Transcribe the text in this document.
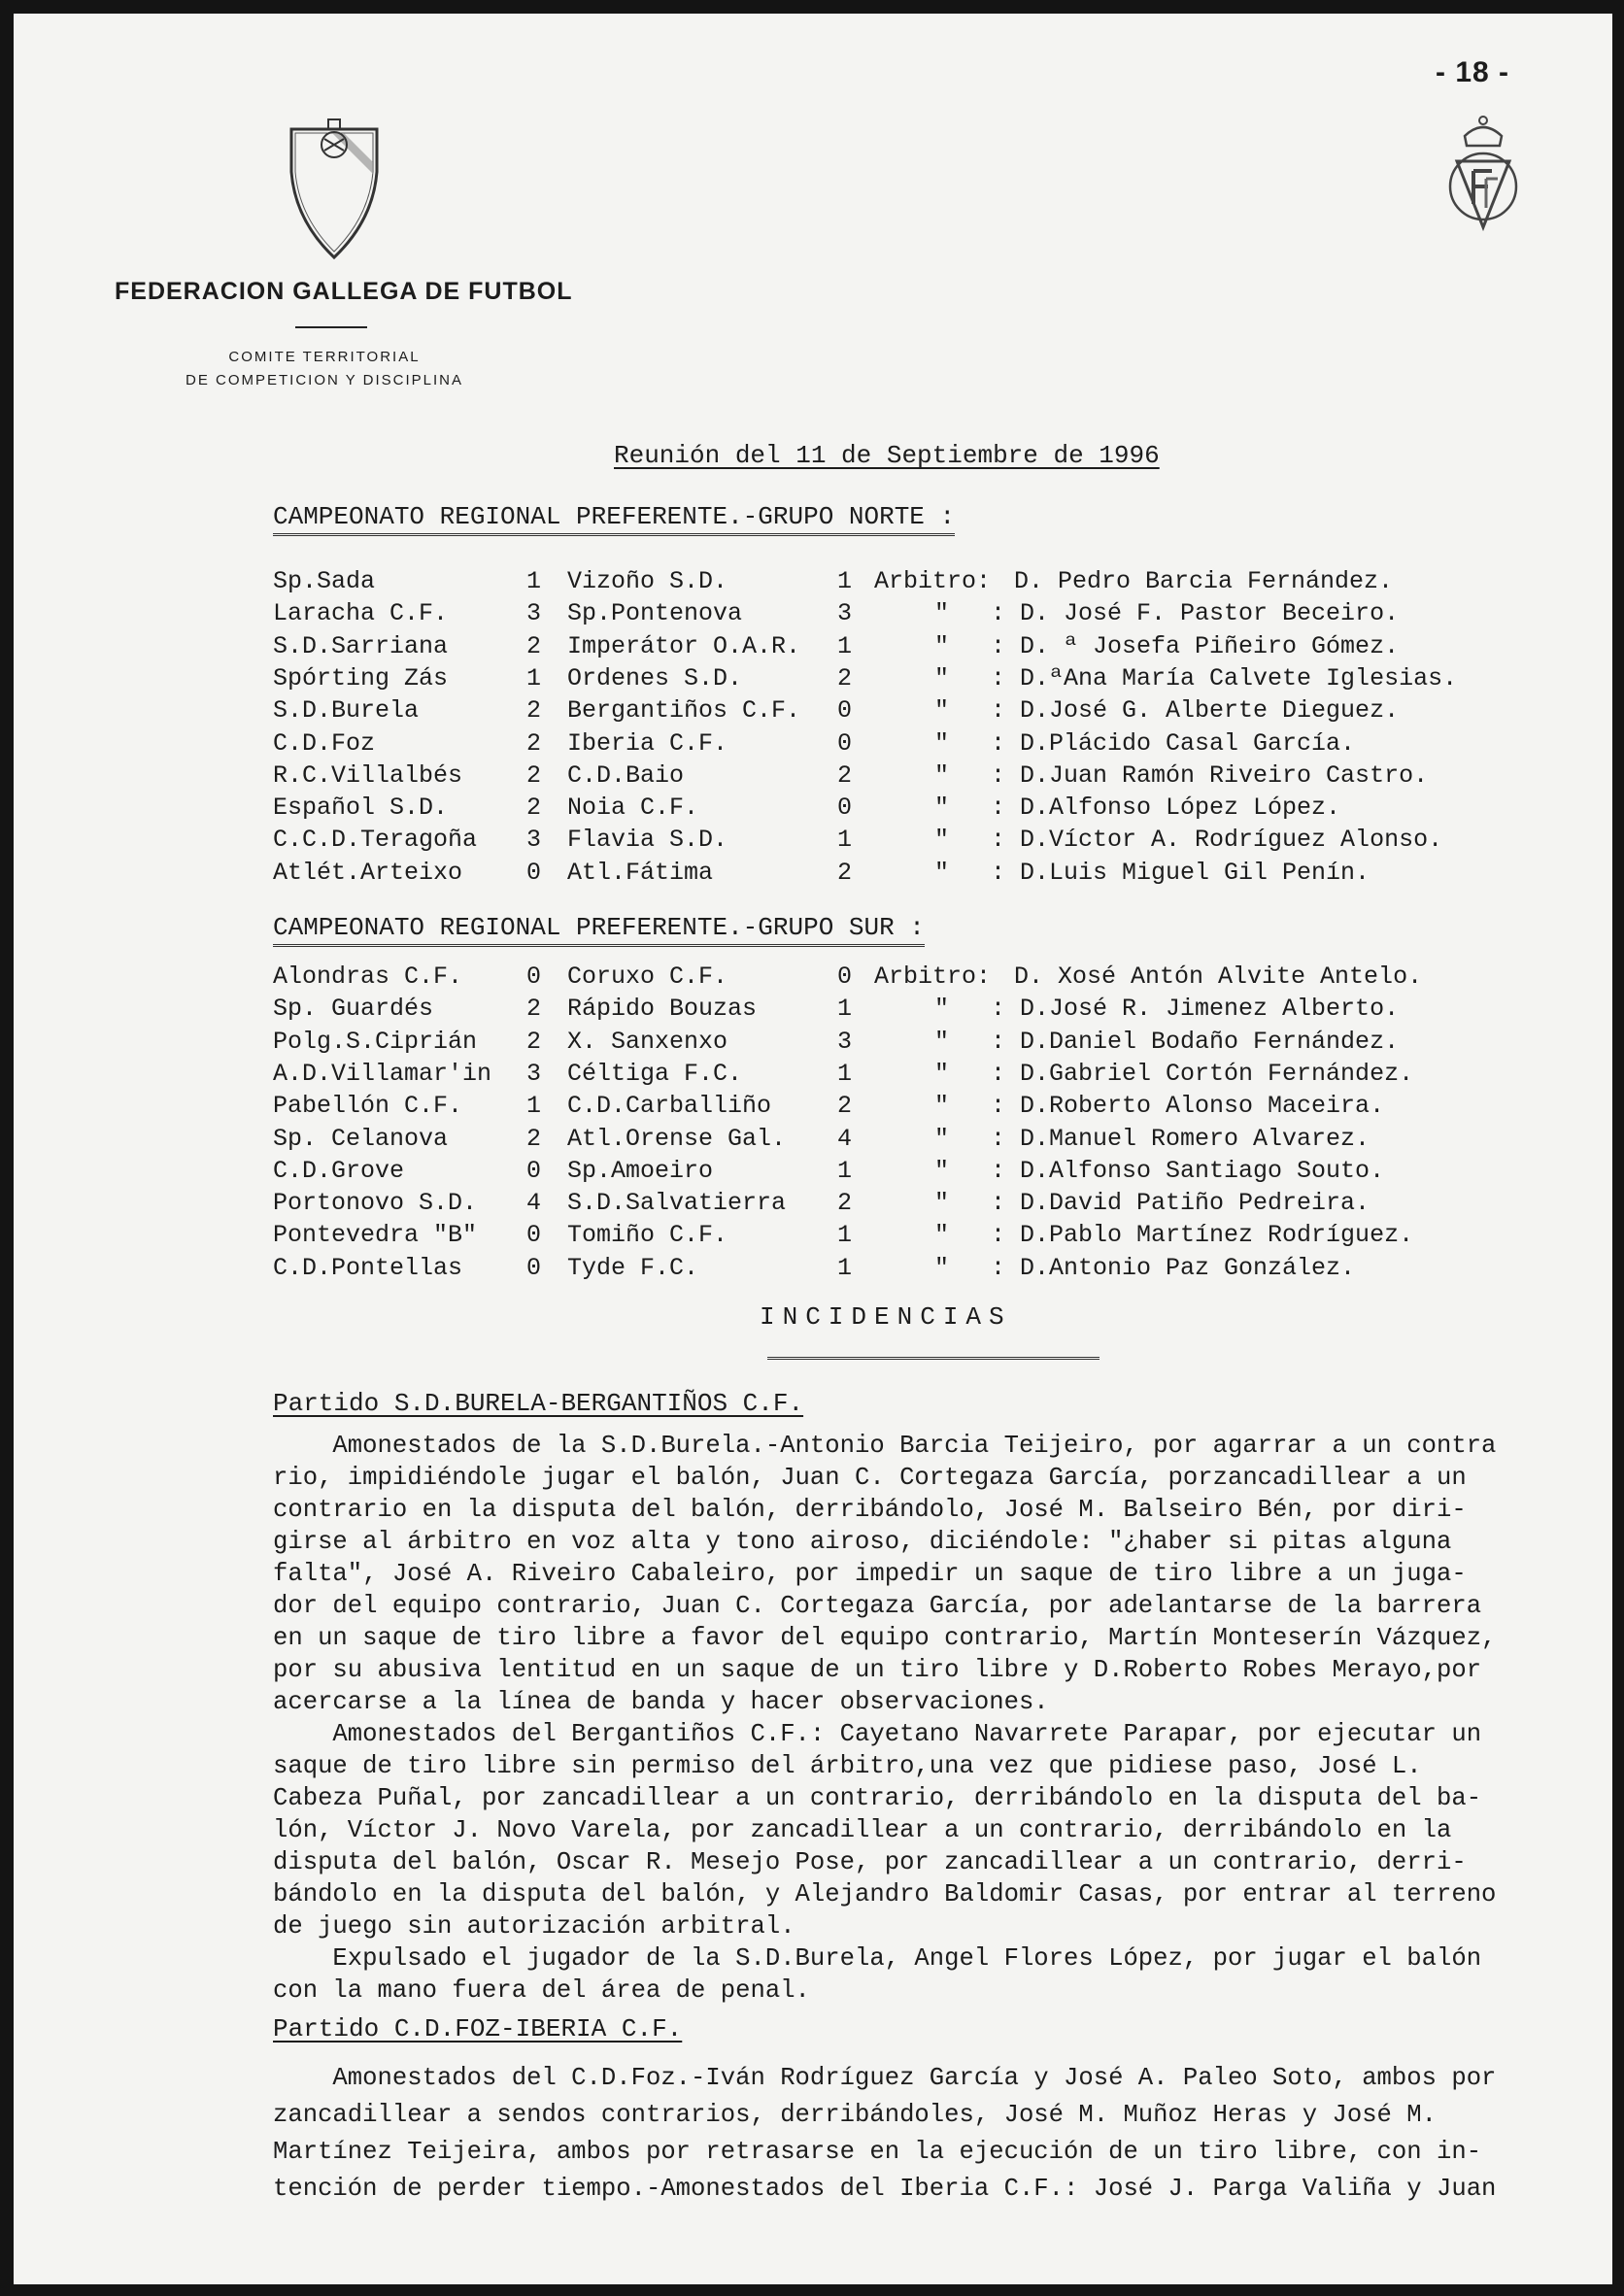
- 18 -
FEDERACION GALLEGA DE FUTBOL
COMITE TERRITORIAL
DE COMPETICION Y DISCIPLINA
Reunión del 11 de Septiembre de 1996
CAMPEONATO REGIONAL PREFERENTE.-GRUPO NORTE :
Sp.Sada	1 Vizoño S.D.	1 Arbitro: D. Pedro Barcia Fernández.
Laracha C.F.	3 Sp.Pontenova	3	" : D. José F. Pastor Beceiro.
S.D.Sarriana	2 Imperátor O.A.R. 1	" : D. ª Josefa Piñeiro Gómez.
Spórting Zás	1 Ordenes S.D.	2	" : D.ªAna María Calvete Iglesias.
S.D.Burela	2 Bergantiños C.F. 0	" : D.José G. Alberte Dieguez.
C.D.Foz	2 Iberia C.F.	0	" : D.Plácido Casal García.
R.C.Villalbés	2 C.D.Baio	2	" : D.Juan Ramón Riveiro Castro.
Español S.D.	2 Noia C.F.	0	" : D.Alfonso López López.
C.C.D.Teragoña 3 Flavia S.D.	1	" : D.Víctor A. Rodríguez Alonso.
Atlét.Arteixo	0 Atl.Fátima	2	" : D.Luis Miguel Gil Penín.
CAMPEONATO REGIONAL PREFERENTE.-GRUPO SUR :
Alondras C.F.	0 Coruxo C.F.	0 Arbitro: D. Xosé Antón Alvite Antelo.
Sp. Guardés	2 Rápido Bouzas	1	" : D.José R. Jimenez Alberto.
Polg.S.Ciprián 2 X. Sanxenxo	3	" : D.Daniel Bodaño Fernández.
A.D.Villamar'in 3 Céltiga F.C.	1	" : D.Gabriel Cortón Fernández.
Pabellón C.F.	1 C.D.Carballiño	2	" : D.Roberto Alonso Maceira.
Sp. Celanova	2 Atl.Orense Gal. 4	" : D.Manuel Romero Alvarez.
C.D.Grove	0 Sp.Amoeiro	1	" : D.Alfonso Santiago Souto.
Portonovo S.D. 4 S.D.Salvatierra 2	" : D.David Patiño Pedreira.
Pontevedra "B" 0 Tomiño C.F.	1	" : D.Pablo Martínez Rodríguez.
C.D.Pontellas	0 Tyde F.C.	1	" : D.Antonio Paz González.
INCIDENCIAS
Partido S.D.BURELA-BERGANTIÑOS C.F.
Amonestados de la S.D.Burela.-Antonio Barcia Teijeiro, por agarrar a un contra
rio, impidiéndole jugar el balón, Juan C. Cortegaza García, porzancadillear a un
contrario en la disputa del balón, derribándolo, José M. Balseiro Bén, por diri-
girse al árbitro en voz alta y tono airoso, diciéndole: "¿haber si pitas alguna
falta", José A. Riveiro Cabaleiro, por impedir un saque de tiro libre a un juga-
dor del equipo contrario, Juan C. Cortegaza García, por adelantarse de la barrera
en un saque de tiro libre a favor del equipo contrario, Martín Monteserín Vázquez,
por su abusiva lentitud en un saque de un tiro libre y D.Roberto Robes Merayo,por
acercarse a la línea de banda y hacer observaciones.
Amonestados del Bergantiños C.F.: Cayetano Navarrete Parapar, por ejecutar un
saque de tiro libre sin permiso del árbitro,una vez que pidiese paso, José L.
Cabeza Puñal, por zancadillear a un contrario, derribándolo en la disputa del ba-
lón, Víctor J. Novo Varela, por zancadillear a un contrario, derribándolo en la
disputa del balón, Oscar R. Mesejo Pose, por zancadillear a un contrario, derri-
bándolo en la disputa del balón, y Alejandro Baldomir Casas, por entrar al terreno
de juego sin autorización arbitral.
Expulsado el jugador de la S.D.Burela, Angel Flores López, por jugar el balón
con la mano fuera del área de penal.
Partido C.D.FOZ-IBERIA C.F.
Amonestados del C.D.Foz.-Iván Rodríguez García y José A. Paleo Soto, ambos por
zancadillear a sendos contrarios, derribándoles, José M. Muñoz Heras y José M.
Martínez Teijeira, ambos por retrasarse en la ejecución de un tiro libre, con in-
tención de perder tiempo.-Amonestados del Iberia C.F.: José J. Parga Valiña y Juan
